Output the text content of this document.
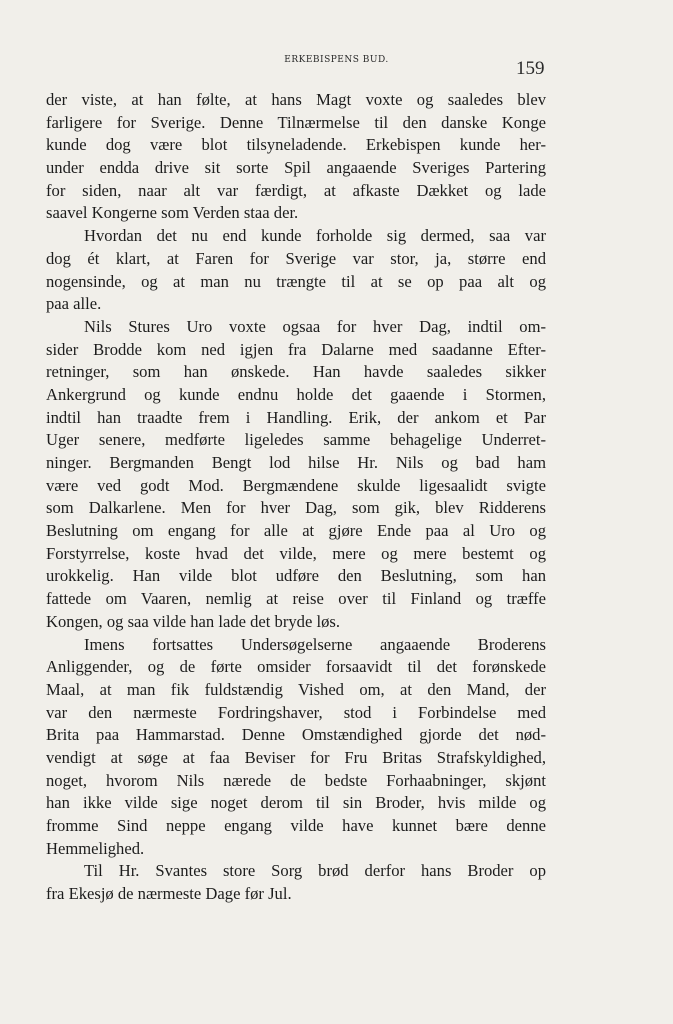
ERKEBISPENS BUD.	159
der viste, at han følte, at hans Magt voxte og saaledes blev
farligere for Sverige. Denne Tilnærmelse til den danske Konge
kunde dog være blot tilsyneladende. Erkebispen kunde her-
under endda drive sit sorte Spil angaaende Sveriges Partering
for siden, naar alt var færdigt, at afkaste Dækket og lade
saavel Kongerne som Verden staa der.
Hvordan det nu end kunde forholde sig dermed, saa var
dog ét klart, at Faren for Sverige var stor, ja, større end
nogensinde, og at man nu trængte til at se op paa alt og
paa alle.
Nils Stures Uro voxte ogsaa for hver Dag, indtil om-
sider Brodde kom ned igjen fra Dalarne med saadanne Efter-
retninger, som han ønskede. Han havde saaledes sikker
Ankergrund og kunde endnu holde det gaaende i Stormen,
indtil han traadte frem i Handling. Erik, der ankom et Par
Uger senere, medførte ligeledes samme behagelige Underret-
ninger. Bergmanden Bengt lod hilse Hr. Nils og bad ham
være ved godt Mod. Bergmændene skulde ligesaalidt svigte
som Dalkarlene. Men for hver Dag, som gik, blev Ridderens
Beslutning om engang for alle at gjøre Ende paa al Uro og
Forstyrrelse, koste hvad det vilde, mere og mere bestemt og
urokkelig. Han vilde blot udføre den Beslutning, som han
fattede om Vaaren, nemlig at reise over til Finland og træffe
Kongen, og saa vilde han lade det bryde løs.
Imens fortsattes Undersøgelserne angaaende Broderens
Anliggender, og de førte omsider forsaavidt til det forønskede
Maal, at man fik fuldstændig Vished om, at den Mand, der
var den nærmeste Fordringshaver, stod i Forbindelse med
Brita paa Hammarstad. Denne Omstændighed gjorde det nød-
vendigt at søge at faa Beviser for Fru Britas Strafskyldighed,
noget, hvorom Nils nærede de bedste Forhaabninger, skjønt
han ikke vilde sige noget derom til sin Broder, hvis milde og
fromme Sind neppe engang vilde have kunnet bære denne
Hemmelighed.
Til Hr. Svantes store Sorg brød derfor hans Broder op
fra Ekesjø de nærmeste Dage før Jul.
